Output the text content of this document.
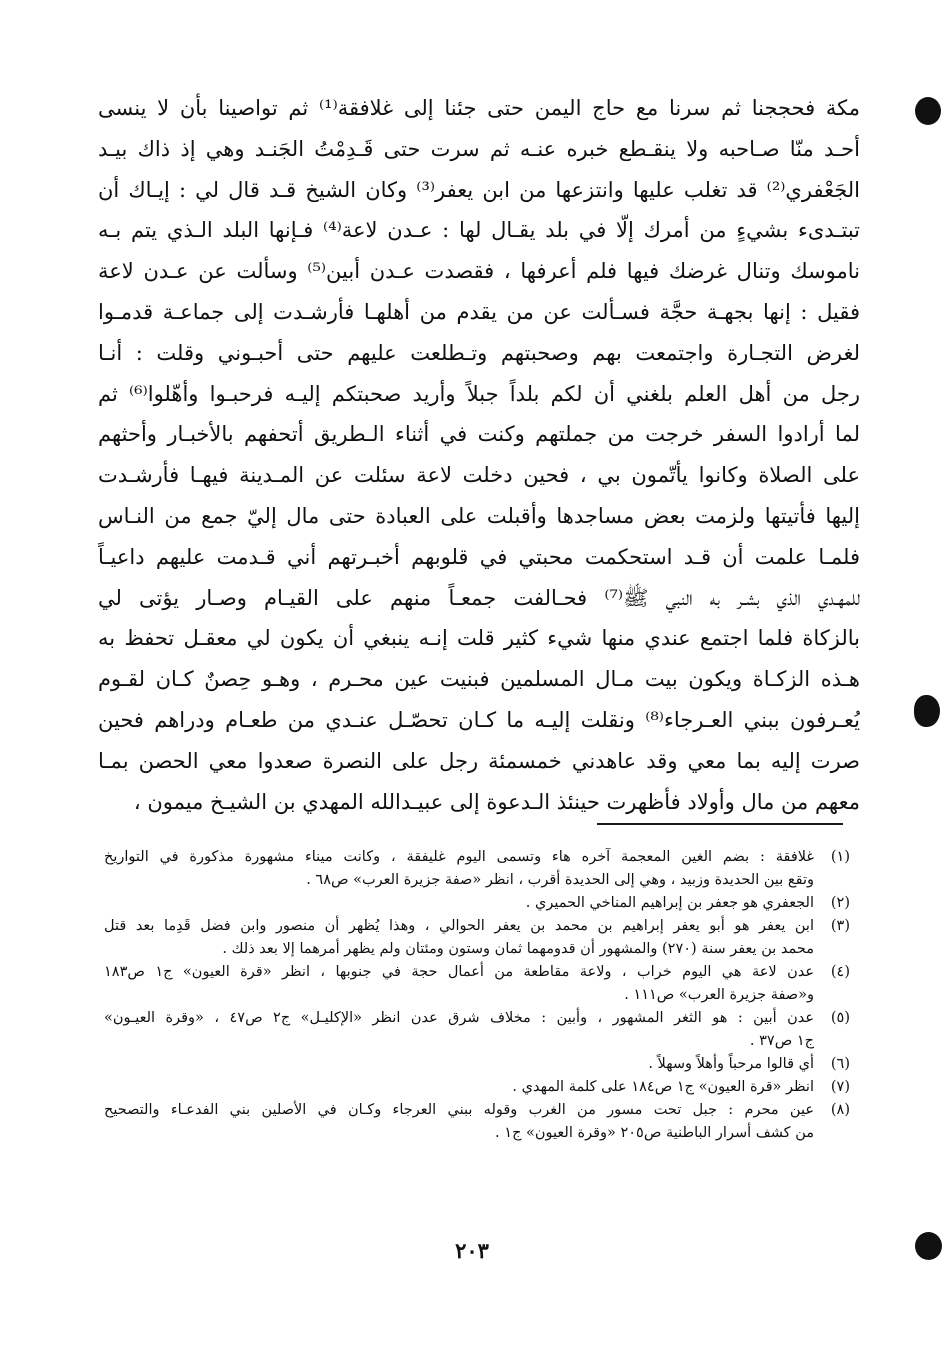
مكة فحججنا ثم سرنا مع حاج اليمن حتى جئنا إلى غلافقة⁽¹⁾ ثم تواصينا بأن لا ينسى
أحـد منّا صـاحبه ولا ينقـطع خبره عنـه ثم سرت حتى قَـدِمْتُ الجَنـد وهي إذ ذاك بيـد
الجَعْفري⁽²⁾ قد تغلب عليها وانتزعها من ابن يعفر⁽³⁾ وكان الشيخ قـد قال لي : إيـاك أن
تبتـدىء بشيءٍ من أمرك إلّا في بلد يقـال لها : عـدن لاعة⁽⁴⁾ فـإنها البلد الـذي يتم بـه
ناموسك وتنال غرضك فيها فلم أعرفها ، فقصدت عـدن أبين⁽⁵⁾ وسألت عن عـدن لاعة
فقيل : إنها بجهـة حجَّة فسـألت عن من يقدم من أهلهـا فأرشـدت إلى جماعـة قدمـوا
لغرض التجـارة واجتمعت بهم وصحبتهم وتـطلعت عليهم حتى أحبـوني وقلت : أنـا
رجل من أهل العلم بلغني أن لكم بلداً جبلاً وأريد صحبتكم إليـه فرحبـوا وأهّلوا⁽⁶⁾ ثم
لما أرادوا السفر خرجت من جملتهم وكنت في أثناء الـطريق أتحفهم بالأخبـار وأحثهم
على الصلاة وكانوا يأتّمون بي ، فحين دخلت لاعة سئلت عن المـدينة فيهـا فأرشـدت
إليها فأتيتها ولزمت بعض مساجدها وأقبلت على العبادة حتى مال إليّ جمع من النـاس
فلمـا علمت أن قـد استحكمت محبتي في قلوبهم أخبـرتهم أني قـدمت عليهم داعيـاً
للمهـدي الذي بشـر به النبي ﷺ⁽⁷⁾ فحـالفت جمعـاً منهم على القيـام وصـار يؤتى لي
بالزكاة فلما اجتمع عندي منها شيء كثير قلت إنـه ينبغي أن يكون لي معقـل تحفظ به
هـذه الزكـاة ويكون بيت مـال المسلمين فبنيت عين محـرم ، وهـو حِصنٌ كـان لقـوم
يُعـرفون ببني العـرجاء⁽⁸⁾ ونقلت إليـه ما كـان تحصّـل عنـدي من طعـام ودراهم فحين
صرت إليه بما معي وقد عاهدني خمسمئة رجل على النصرة صعدوا معي الحصن بمـا
معهم من مال وأولاد فأظهرت حينئذ الـدعوة إلى عبيـدالله المهدي بن الشيـخ ميمون ،
(١)
غلافقة : بضم الغين المعجمة آخره هاء وتسمى اليوم غليفقة ، وكانت ميناء مشهورة مذكورة في التواريخ
وتقع بين الحديدة وزبيد ، وهي إلى الحديدة أقرب ، انظر «صفة جزيرة العرب» ص٦٨ .
(٢)
الجعفري هو جعفر بن إبراهيم المناخي الحميري .
(٣)
ابن يعفر هو أبو يعفر إبراهيم بن محمد بن يعفر الحوالي ، وهذا يُظهر أن منصور وابن فضل قَدِما بعد قتل
محمد بن يعفر سنة (٢٧٠) والمشهور أن قدومهما ثمان وستون ومئتان ولم يظهر أمرهما إلا بعد ذلك .
(٤)
عدن لاعة هي اليوم خراب ، ولاعة مقاطعة من أعمال حجة في جنوبها ، انظر «قرة العيون» ج١ ص١٨٣
و«صفة جزيرة العرب» ص١١١ .
(٥)
عدن أبين : هو الثغر المشهور ، وأبين : مخلاف شرق عدن انظر «الإكليـل» ج٢ ص٤٧ ، «وقرة العيـون»
ج١ ص٣٧ .
(٦)
أي قالوا مرحباً وأهلاً وسهلاً .
(٧)
انظر «قرة العيون» ج١ ص١٨٤ على كلمة المهدي .
(٨)
عين محرم : جبل تحت مسور من الغرب وقوله ببني العرجاء وكـان في الأصلين بني الفدعـاء والتصحيح
من كشف أسرار الباطنية ص٢٠٥ «وقرة العيون» ج١ .
٢٠٣
